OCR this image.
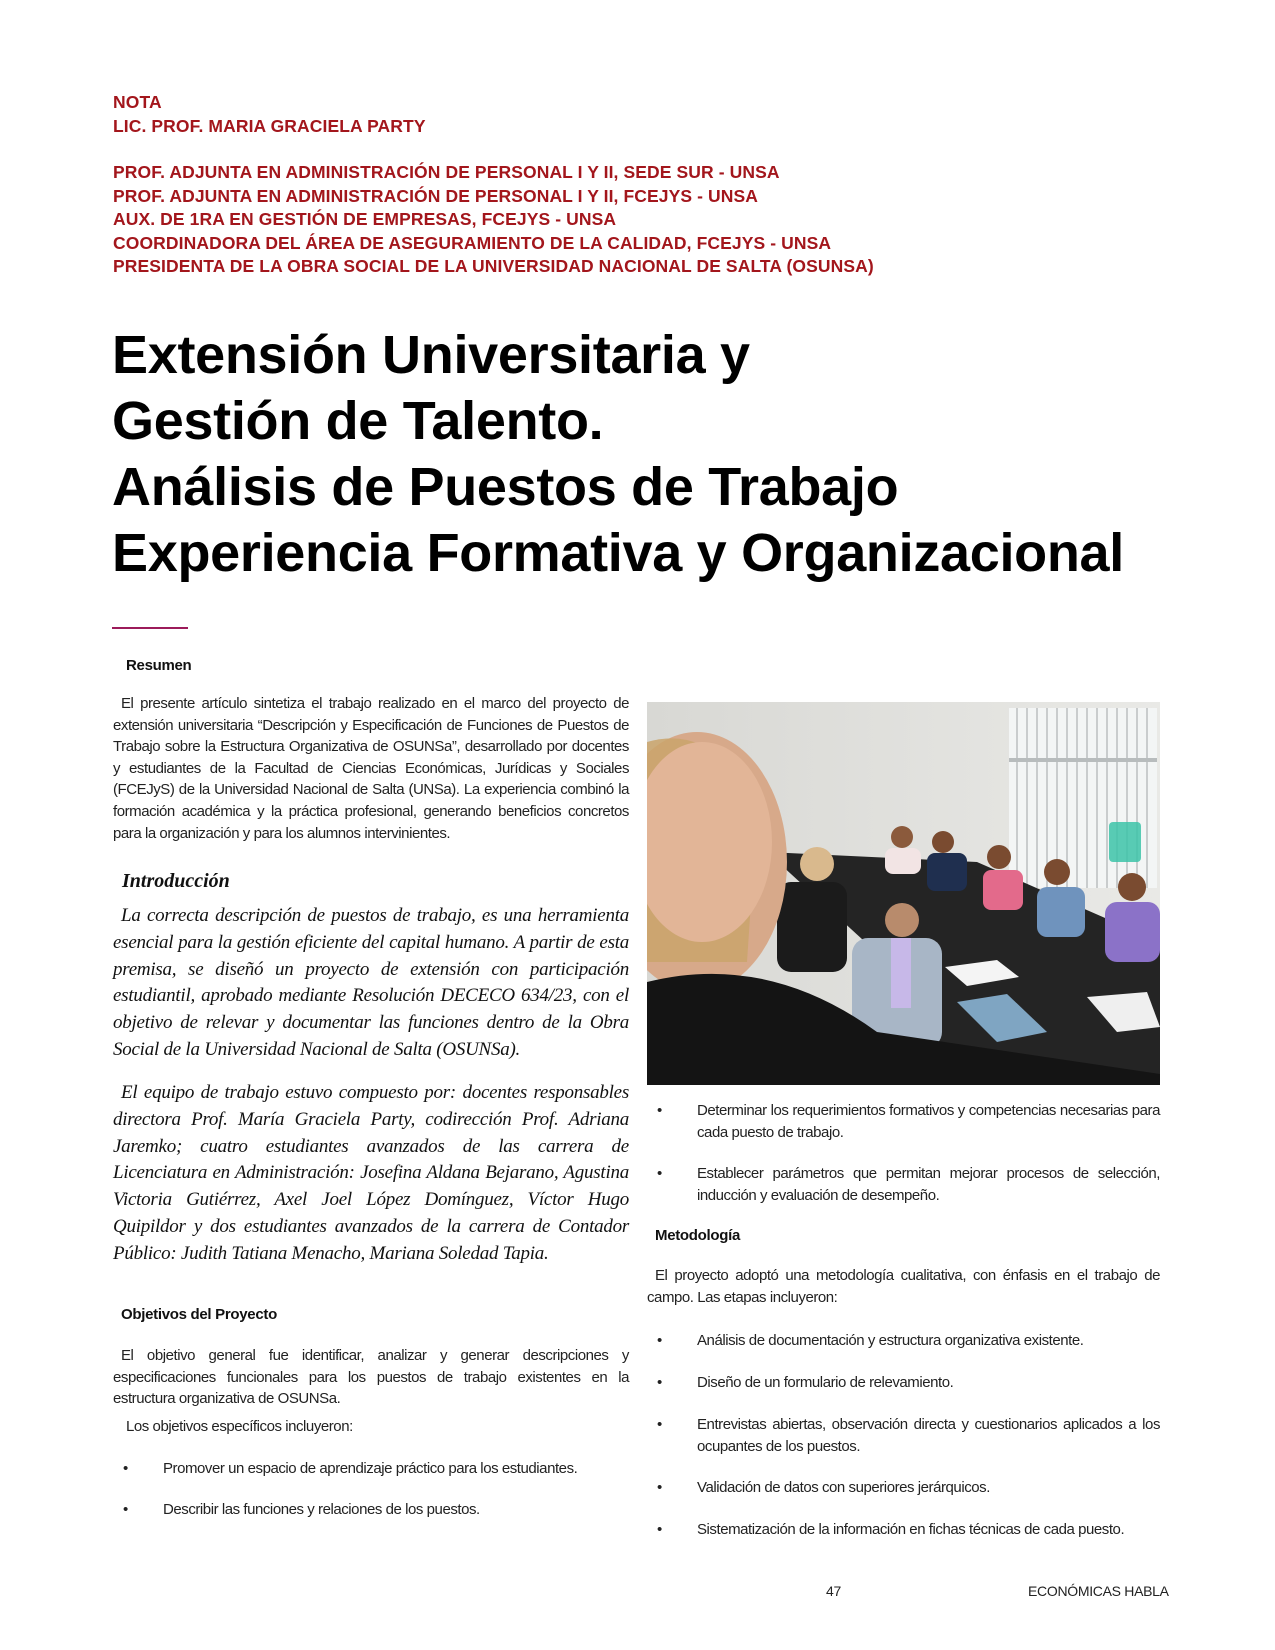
NOTA
LIC. PROF. MARIA GRACIELA PARTY
PROF. ADJUNTA EN ADMINISTRACIÓN DE PERSONAL I Y II, SEDE SUR - UNSA
PROF. ADJUNTA EN ADMINISTRACIÓN DE PERSONAL I Y II, FCEJYS - UNSA
AUX. DE 1RA EN GESTIÓN DE EMPRESAS, FCEJYS - UNSA
COORDINADORA DEL ÁREA DE ASEGURAMIENTO DE LA CALIDAD, FCEJYS - UNSA
PRESIDENTA DE LA OBRA SOCIAL DE LA UNIVERSIDAD NACIONAL DE SALTA (OSUNSA)
Extensión Universitaria y
Gestión de Talento.
Análisis de Puestos de Trabajo
Experiencia Formativa y Organizacional
Resumen

El presente artículo sintetiza el trabajo realizado en el marco del proyecto de extensión universitaria “Descripción y Especificación de Funciones de Puestos de Trabajo sobre la Estructura Organizativa de OSUNSa”, desarrollado por docentes y estudiantes de la Facultad de Ciencias Económicas, Jurídicas y Sociales (FCEJyS) de la Universidad Nacional de Salta (UNSa). La experiencia combinó la formación académica y la práctica profesional, generando beneficios concretos para la organización y para los alumnos intervinientes.

Introducción

La correcta descripción de puestos de trabajo, es una herramienta esencial para la gestión eficiente del capital humano. A partir de esta premisa, se diseñó un proyecto de extensión con participación estudiantil, aprobado mediante Resolución DECECO 634/23, con el objetivo de relevar y documentar las funciones dentro de la Obra Social de la Universidad Nacional de Salta (OSUNSa).

El equipo de trabajo estuvo compuesto por: docentes responsables directora Prof. María Graciela Party, codirección Prof. Adriana Jaremko; cuatro estudiantes avanzados de las carrera de Licenciatura en Administración: Josefina Aldana Bejarano, Agustina Victoria Gutiérrez, Axel Joel López Domínguez, Víctor Hugo Quipildor y dos estudiantes avanzados de la carrera de Contador Público: Judith Tatiana Menacho, Mariana Soledad Tapia.

Objetivos del Proyecto

El objetivo general fue identificar, analizar y generar descripciones y especificaciones funcionales para los puestos de trabajo existentes en la estructura organizativa de OSUNSa.

Los objetivos específicos incluyeron:

•	Promover un espacio de aprendizaje práctico para los estudiantes.
•	Describir las funciones y relaciones de los puestos.
•	Determinar los requerimientos formativos y competencias necesarias para cada puesto de trabajo.
•	Establecer parámetros que permitan mejorar procesos de selección, inducción y evaluación de desempeño.
Metodología

El proyecto adoptó una metodología cualitativa, con énfasis en el trabajo de campo. Las etapas incluyeron:

•	Análisis de documentación y estructura organizativa existente.
•	Diseño de un formulario de relevamiento.
•	Entrevistas abiertas, observación directa y cuestionarios aplicados a los ocupantes de los puestos.
•	Validación de datos con superiores jerárquicos.
•	Sistematización de la información en fichas técnicas de cada puesto.
47	ECONÓMICAS HABLA
